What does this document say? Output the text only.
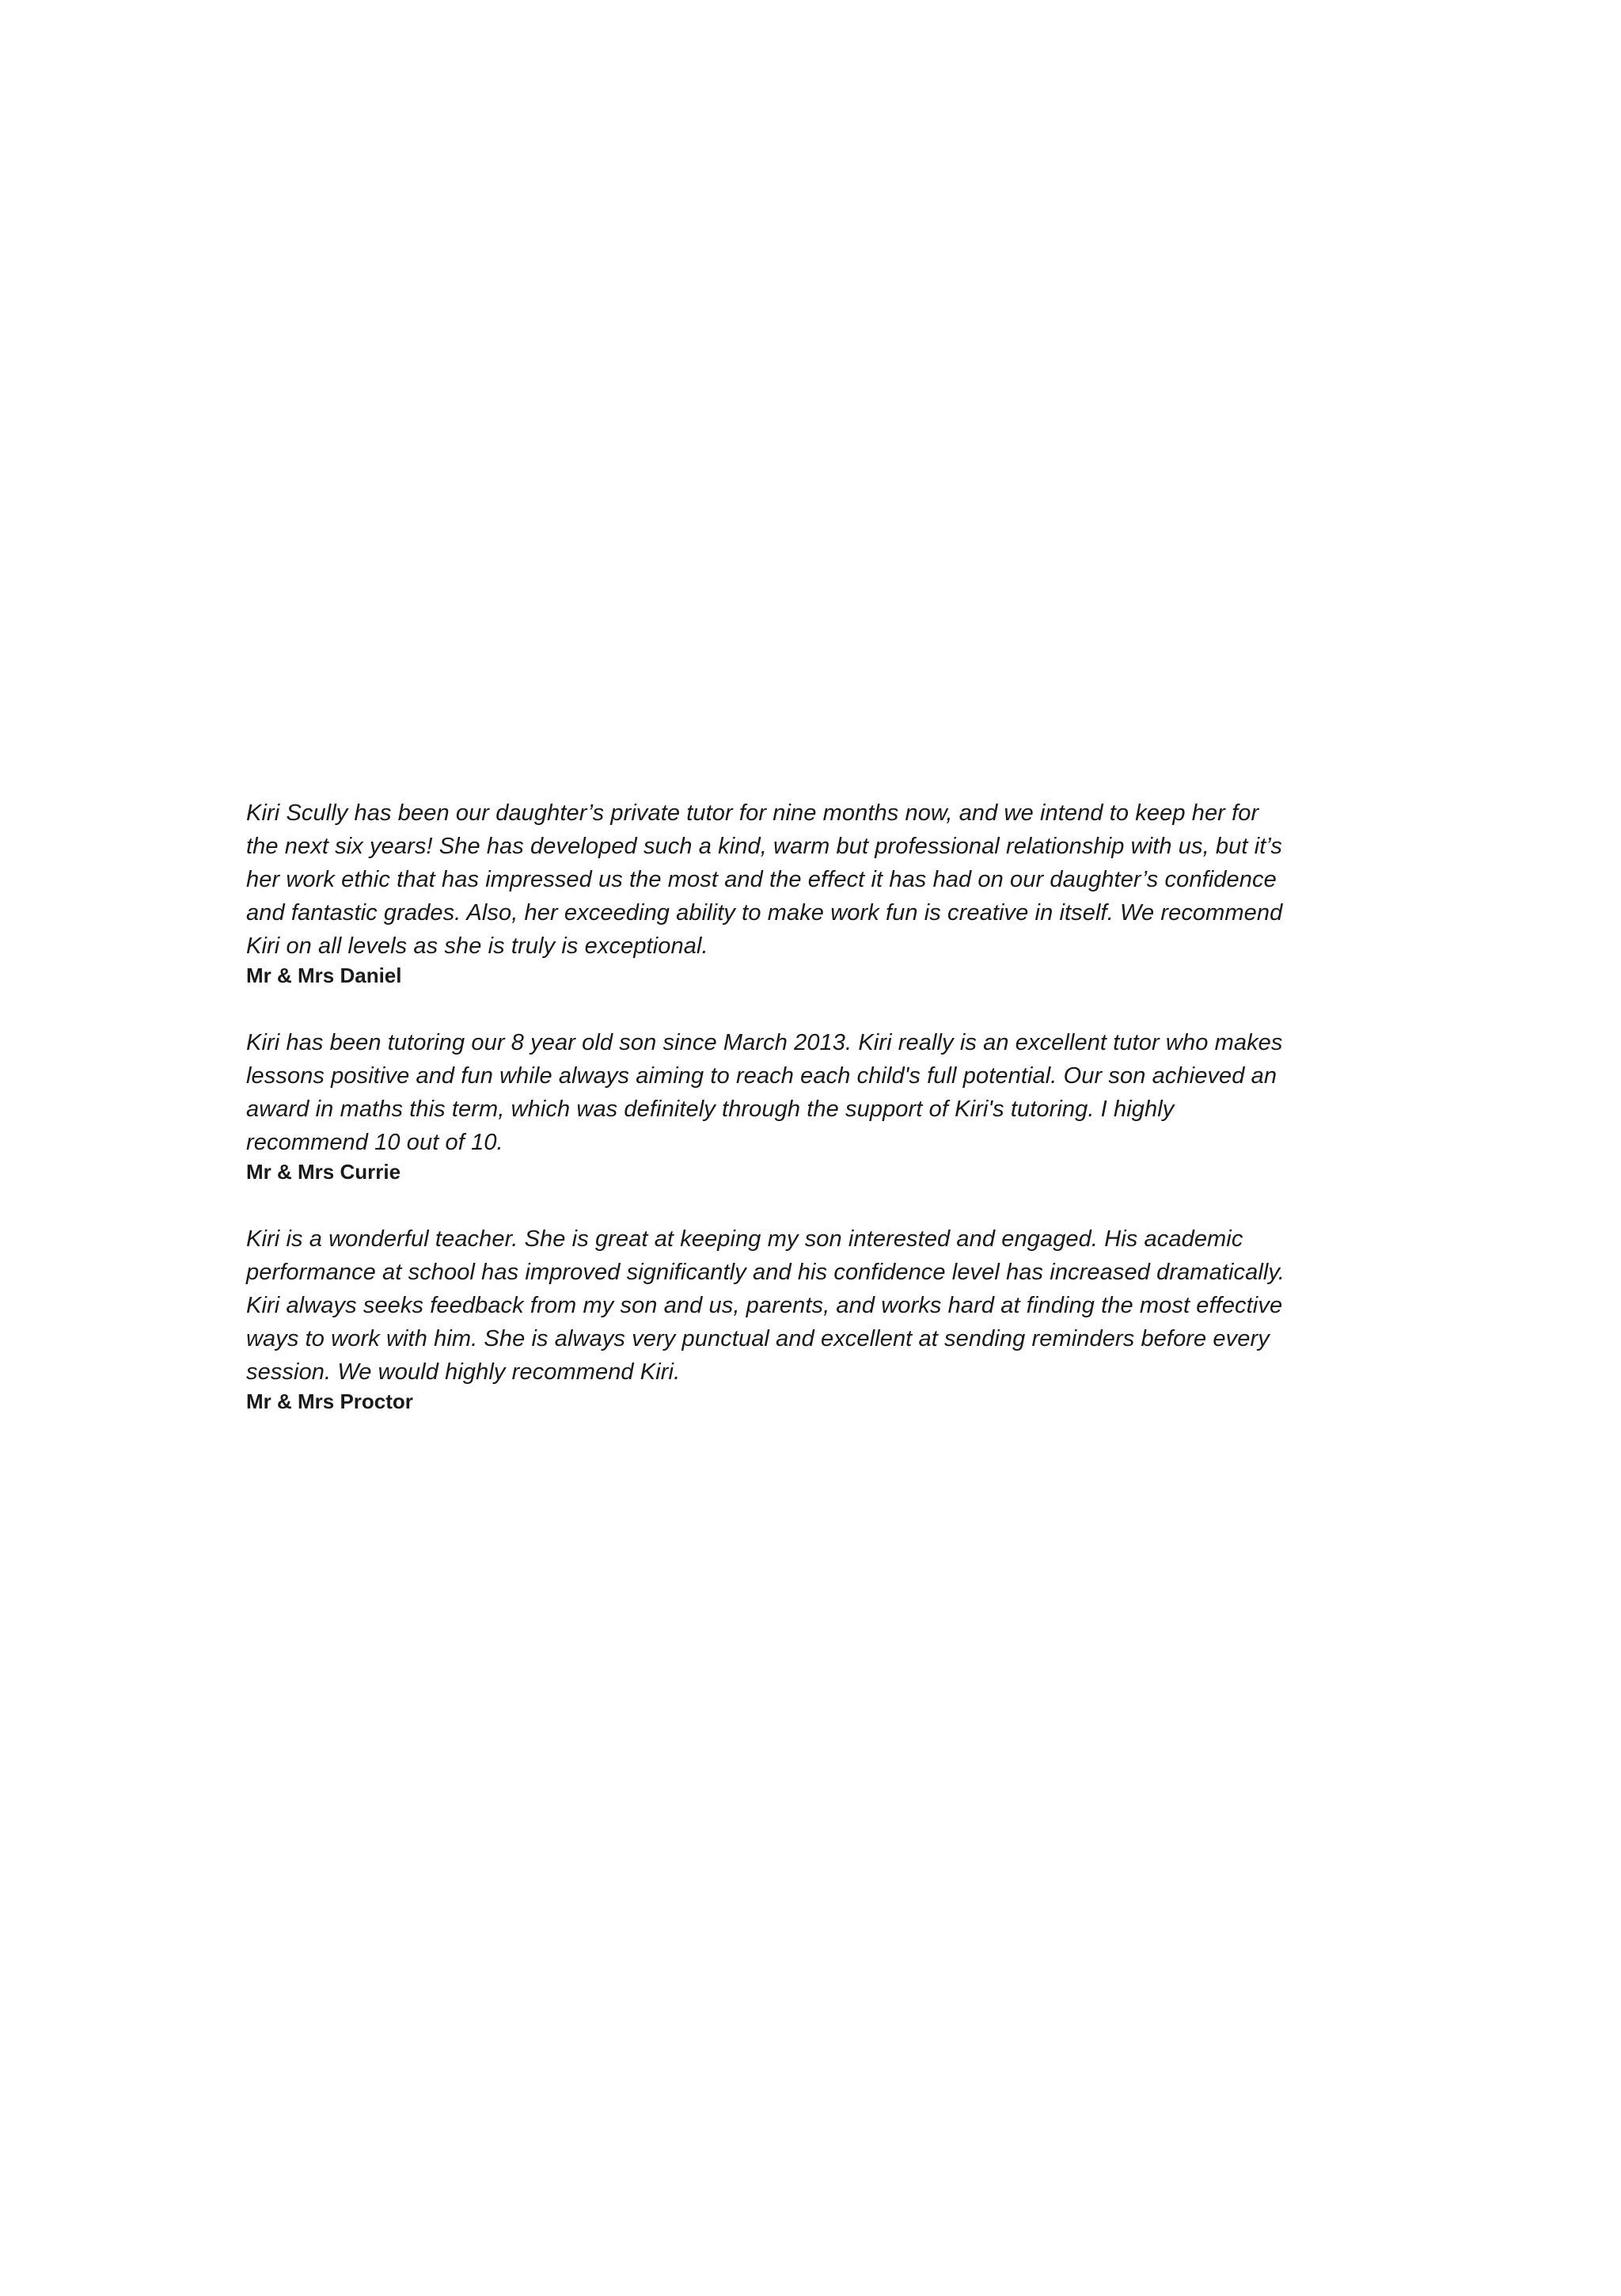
Kiri Scully has been our daughter’s private tutor for nine months now, and we intend to keep her for
the next six years! She has developed such a kind, warm but professional relationship with us, but it’s
her work ethic that has impressed us the most and the effect it has had on our daughter’s confidence
and fantastic grades. Also, her exceeding ability to make work fun is creative in itself. We recommend
Kiri on all levels as she is truly is exceptional.

Mr & Mrs Daniel

Kiri has been tutoring our 8 year old son since March 2013. Kiri really is an excellent tutor who makes
lessons positive and fun while always aiming to reach each child's full potential. Our son achieved an
award in maths this term, which was definitely through the support of Kiri's tutoring. I highly
recommend 10 out of 10.

Mr & Mrs Currie

Kiri is a wonderful teacher. She is great at keeping my son interested and engaged. His academic
performance at school has improved significantly and his confidence level has increased dramatically.
Kiri always seeks feedback from my son and us, parents, and works hard at finding the most effective
ways to work with him. She is always very punctual and excellent at sending reminders before every
session. We would highly recommend Kiri.

Mr & Mrs Proctor
